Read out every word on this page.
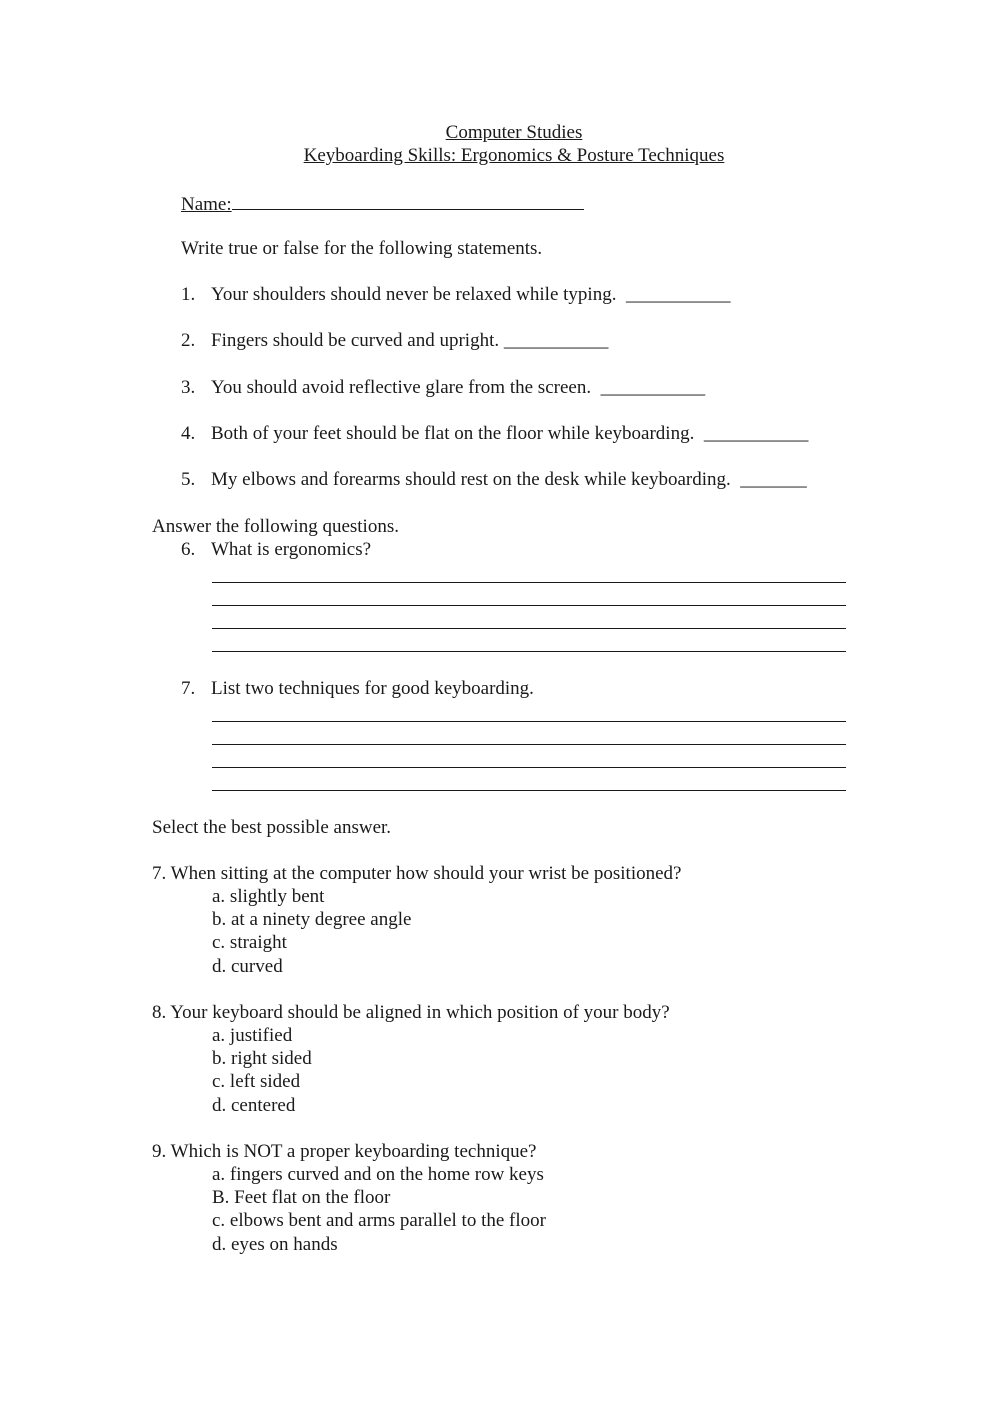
Computer Studies
Keyboarding Skills: Ergonomics & Posture Techniques
Name:
Write true or false for the following statements.
1. Your shoulders should never be relaxed while typing. ___________
2. Fingers should be curved and upright. ___________
3. You should avoid reflective glare from the screen. ___________
4. Both of your feet should be flat on the floor while keyboarding. ___________
5. My elbows and forearms should rest on the desk while keyboarding. _______
Answer the following questions.
6. What is ergonomics?
7. List two techniques for good keyboarding.
Select the best possible answer.
7. When sitting at the computer how should your wrist be positioned?
a. slightly bent
b. at a ninety degree angle
c. straight
d. curved
8. Your keyboard should be aligned in which position of your body?
a. justified
b. right sided
c. left sided
d. centered
9. Which is NOT a proper keyboarding technique?
a. fingers curved and on the home row keys
B. Feet flat on the floor
c. elbows bent and arms parallel to the floor
d. eyes on hands
